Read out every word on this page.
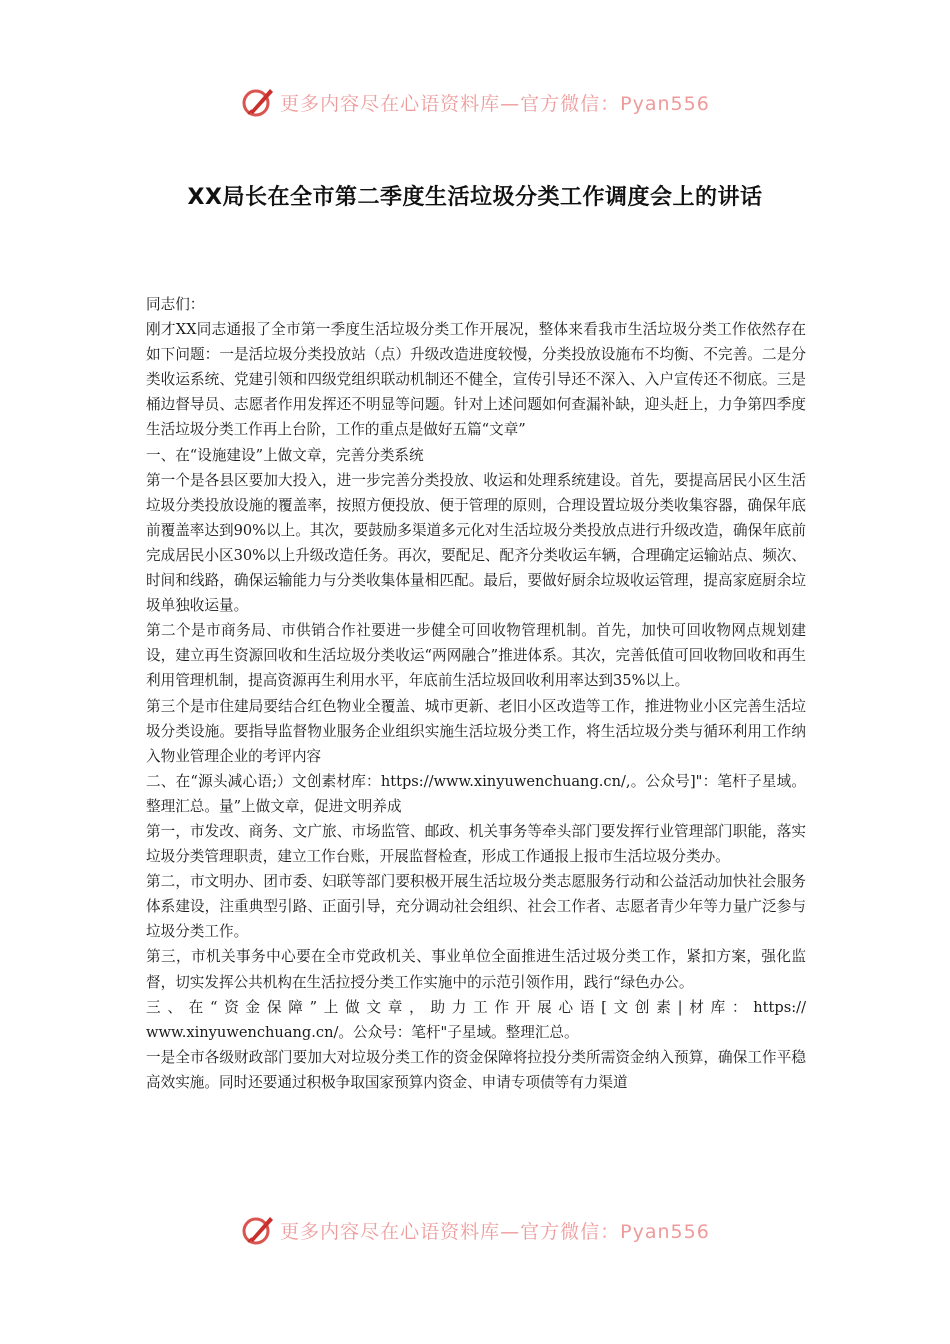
更多内容尽在心语资料库—官方微信：Pyan556
XX局长在全市第二季度生活垃圾分类工作调度会上的讲话

同志们：

刚才XX同志通报了全市第一季度生活垃圾分类工作开展况，整体来看我市生活垃圾分类工作依然存在如下问题：一是活垃圾分类投放站（点）升级改造进度较慢，分类投放设施布不均衡、不完善。二是分类收运系统、党建引领和四级党组织联动机制还不健全，宣传引导还不深入、入户宣传还不彻底。三是桶边督导员、志愿者作用发挥还不明显等问题。针对上述问题如何查漏补缺，迎头赶上，力争第四季度生活垃圾分类工作再上台阶，工作的重点是做好五篇“文章”

一、在“设施建设”上做文章，完善分类系统

第一个是各县区要加大投入，进一步完善分类投放、收运和处理系统建设。首先，要提高居民小区生活垃圾分类投放设施的覆盖率，按照方便投放、便于管理的原则，合理设置垃圾分类收集容器，确保年底前覆盖率达到90%以上。其次，要鼓励多渠道多元化对生活垃圾分类投放点进行升级改造，确保年底前完成居民小区30%以上升级改造任务。再次，要配足、配齐分类收运车辆，合理确定运输站点、频次、时间和线路，确保运输能力与分类收集体量相匹配。最后，要做好厨余垃圾收运管理，提高家庭厨余垃圾单独收运量。

第二个是市商务局、市供销合作社要进一步健全可回收物管理机制。首先，加快可回收物网点规划建设，建立再生资源回收和生活垃圾分类收运“两网融合”推进体系。其次，完善低值可回收物回收和再生利用管理机制，提高资源再生利用水平，年底前生活垃圾回收利用率达到35%以上。

第三个是市住建局要结合红色物业全覆盖、城市更新、老旧小区改造等工作，推进物业小区完善生活垃圾分类设施。要指导监督物业服务企业组织实施生活垃圾分类工作，将生活垃圾分类与循环利用工作纳入物业管理企业的考评内容

二、在“源头减心语;）文创素材库：https://www.xinyuwenchuang.cn/,。公众号]"：笔杆子星域。整理汇总。量”上做文章，促进文明养成

第一，市发改、商务、文广旅、市场监管、邮政、机关事务等牵头部门要发挥行业管理部门职能，落实垃圾分类管理职责，建立工作台账，开展监督检查，形成工作通报上报市生活垃圾分类办。

第二，市文明办、团市委、妇联等部门要积极开展生活垃圾分类志愿服务行动和公益活动加快社会服务体系建设，注重典型引路、正面引导，充分调动社会组织、社会工作者、志愿者青少年等力量广泛参与垃圾分类工作。

第三，市机关事务中心要在全市党政机关、事业单位全面推进生活过圾分类工作，紧扣方案，强化监督，切实发挥公共机构在生活拉授分类工作实施中的示范引领作用，践行“绿色办公。

三、在“资金保障”上做文章，助力工作开展心语[文创素|材库：https://

www.xinyuwenchuang.cn/。公众号：笔杆"子星域。整理汇总。

一是全市各级财政部门要加大对垃圾分类工作的资金保障将拉投分类所需资金纳入预算，确保工作平稳高效实施。同时还要通过积极争取国家预算内资金、申请专项债等有力渠道

更多内容尽在心语资料库—官方微信：Pyan556
